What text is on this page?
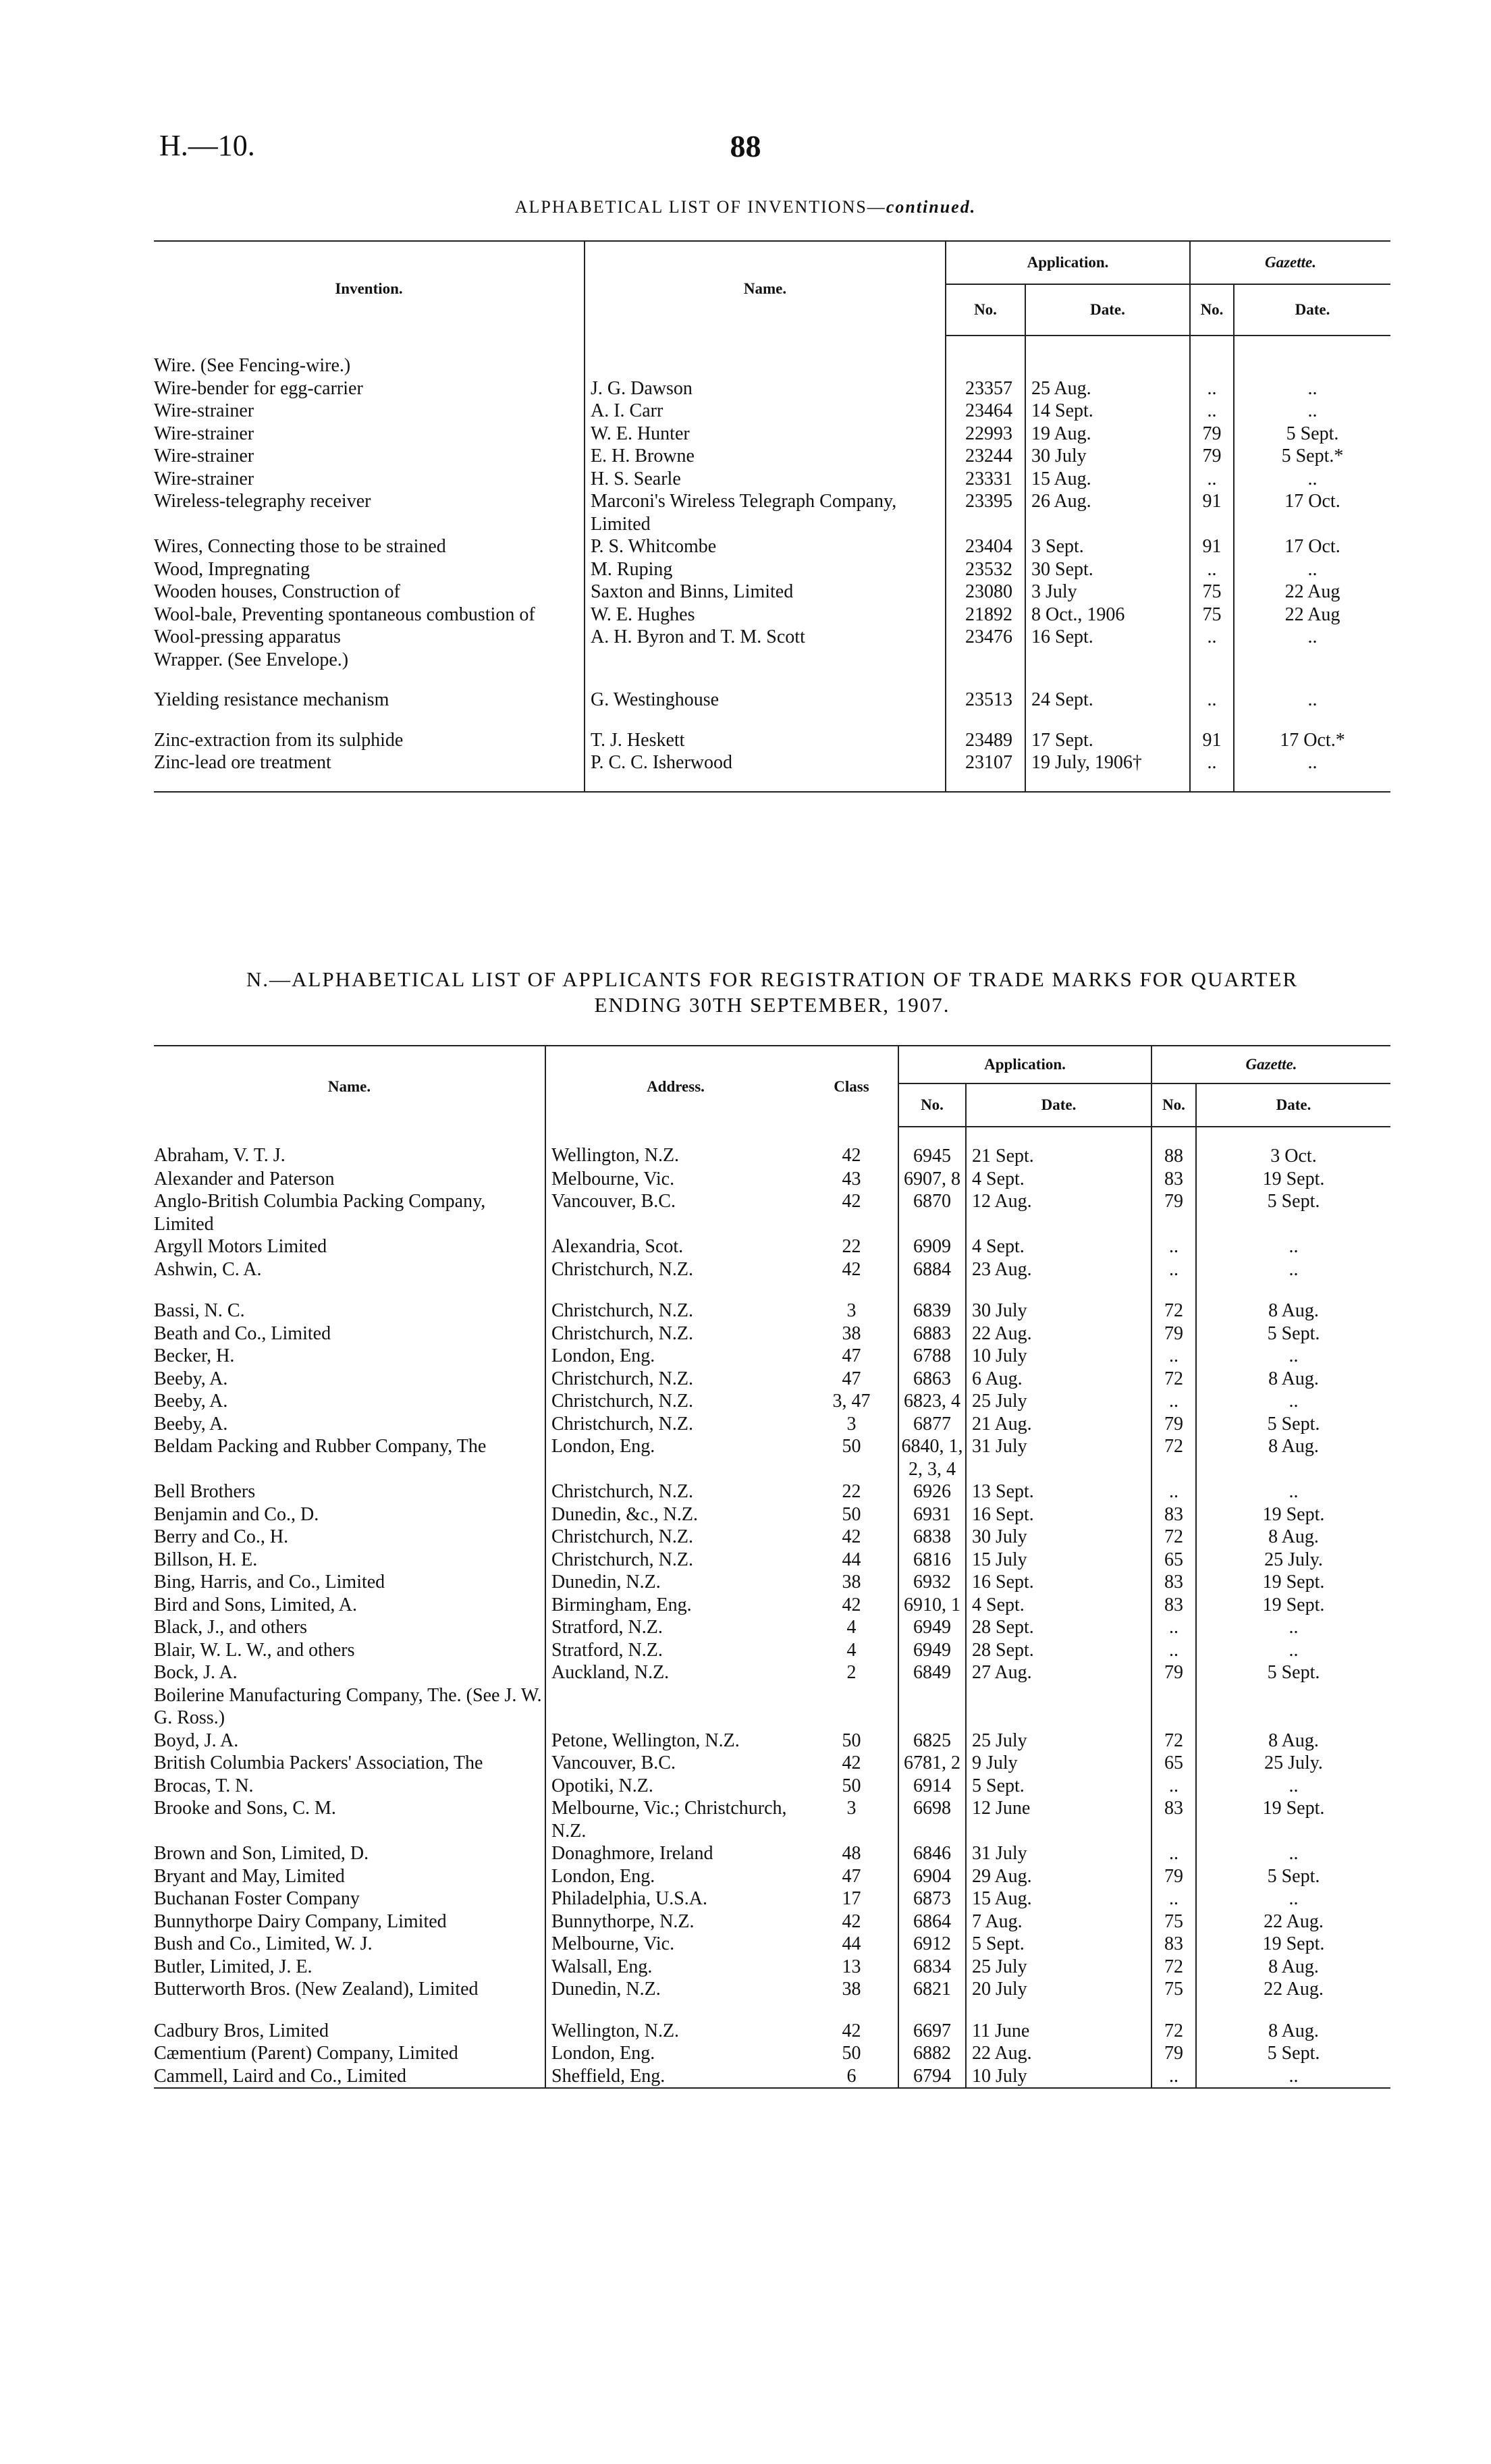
H.—10.	88
ALPHABETICAL LIST OF INVENTIONS—continued.
Invention.	Name.	Application.		Gazette.	
		No.	Date.	No.	Date.
Wire. (See Fencing-wire.)					
Wire-bender for egg-carrier	J. G. Dawson	23357	25 Aug.	..	..
Wire-strainer	A. I. Carr	23464	14 Sept.	..	..
Wire-strainer	W. E. Hunter	22993	19 Aug.	79	5 Sept.
Wire-strainer	E. H. Browne	23244	30 July	79	5 Sept.*
Wire-strainer	H. S. Searle	23331	15 Aug.	..	..
Wireless-telegraphy receiver	Marconi's Wireless Telegraph Company, Limited	23395	26 Aug.	91	17 Oct.
Wires, Connecting those to be strained	P. S. Whitcombe	23404	3 Sept.	91	17 Oct.
Wood, Impregnating	M. Ruping	23532	30 Sept.	..	..
Wooden houses, Construction of	Saxton and Binns, Limited	23080	3 July	75	22 Aug
Wool-bale, Preventing spontaneous combustion of	W. E. Hughes	21892	8 Oct., 1906	75	22 Aug
Wool-pressing apparatus	A. H. Byron and T. M. Scott	23476	16 Sept.	..	..
Wrapper. (See Envelope.)					
Yielding resistance mechanism	G. Westinghouse	23513	24 Sept.	..	..
Zinc-extraction from its sulphide	T. J. Heskett	23489	17 Sept.	91	17 Oct.*
Zinc-lead ore treatment	P. C. C. Isherwood	23107	19 July, 1906†	..	..

N.—ALPHABETICAL LIST OF APPLICANTS FOR REGISTRATION OF TRADE MARKS FOR QUARTER
ENDING 30TH SEPTEMBER, 1907.
Name.	Address.	Class	Application.		Gazette.	
			No.	Date.	No.	Date.
Abraham, V. T. J.	Wellington, N.Z.	42	6945	21 Sept.	88	3 Oct.
Alexander and Paterson	Melbourne, Vic.	43	6907, 8	4 Sept.	83	19 Sept.
Anglo-British Columbia Packing Company, Limited	Vancouver, B.C.	42	6870	12 Aug.	79	5 Sept.
Argyll Motors Limited	Alexandria, Scot.	22	6909	4 Sept.	..	..
Ashwin, C. A.	Christchurch, N.Z.	42	6884	23 Aug.	..	..
Bassi, N. C.	Christchurch, N.Z.	3	6839	30 July	72	8 Aug.
Beath and Co., Limited	Christchurch, N.Z.	38	6883	22 Aug.	79	5 Sept.
Becker, H.	London, Eng.	47	6788	10 July	..	..
Beeby, A.	Christchurch, N.Z.	47	6863	6 Aug.	72	8 Aug.
Beeby, A.	Christchurch, N.Z.	3, 47	6823, 4	25 July	..	..
Beeby, A.	Christchurch, N.Z.	3	6877	21 Aug.	79	5 Sept.
Beldam Packing and Rubber Company, The	London, Eng.	50	6840, 1, 2, 3, 4	31 July	72	8 Aug.
Bell Brothers	Christchurch, N.Z.	22	6926	13 Sept.	..	..
Benjamin and Co., D.	Dunedin, &c., N.Z.	50	6931	16 Sept.	83	19 Sept.
Berry and Co., H.	Christchurch, N.Z.	42	6838	30 July	72	8 Aug.
Billson, H. E.	Christchurch, N.Z.	44	6816	15 July	65	25 July.
Bing, Harris, and Co., Limited	Dunedin, N.Z.	38	6932	16 Sept.	83	19 Sept.
Bird and Sons, Limited, A.	Birmingham, Eng.	42	6910, 1	4 Sept.	83	19 Sept.
Black, J., and others	Stratford, N.Z.	4	6949	28 Sept.	..	..
Blair, W. L. W., and others	Stratford, N.Z.	4	6949	28 Sept.	..	..
Bock, J. A.	Auckland, N.Z.	2	6849	27 Aug.	79	5 Sept.
Boilerine Manufacturing Company, The. (See J. W. G. Ross.)						
Boyd, J. A.	Petone, Wellington, N.Z.	50	6825	25 July	72	8 Aug.
British Columbia Packers' Association, The	Vancouver, B.C.	42	6781, 2	9 July	65	25 July.
Brocas, T. N.	Opotiki, N.Z.	50	6914	5 Sept.	..	..
Brooke and Sons, C. M.	Melbourne, Vic.; Christchurch, N.Z.	3	6698	12 June	83	19 Sept.
Brown and Son, Limited, D.	Donaghmore, Ireland	48	6846	31 July	..	..
Bryant and May, Limited	London, Eng.	47	6904	29 Aug.	79	5 Sept.
Buchanan Foster Company	Philadelphia, U.S.A.	17	6873	15 Aug.	..	..
Bunnythorpe Dairy Company, Limited	Bunnythorpe, N.Z.	42	6864	7 Aug.	75	22 Aug.
Bush and Co., Limited, W. J.	Melbourne, Vic.	44	6912	5 Sept.	83	19 Sept.
Butler, Limited, J. E.	Walsall, Eng.	13	6834	25 July	72	8 Aug.
Butterworth Bros. (New Zealand), Limited	Dunedin, N.Z.	38	6821	20 July	75	22 Aug.
Cadbury Bros, Limited	Wellington, N.Z.	42	6697	11 June	72	8 Aug.
Cæmentium (Parent) Company, Limited	London, Eng.	50	6882	22 Aug.	79	5 Sept.
Cammell, Laird and Co., Limited	Sheffield, Eng.	6	6794	10 July	..	..
